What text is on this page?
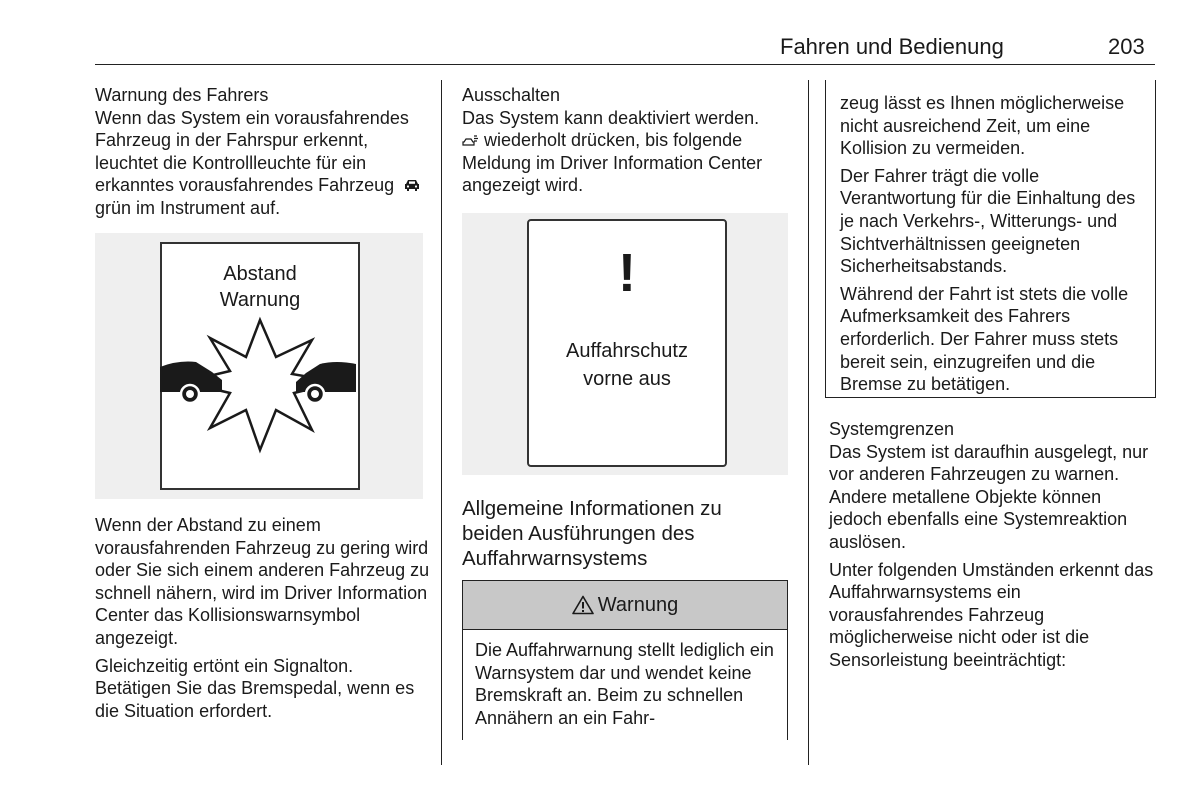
Fahren und Bedienung	203
Warnung des Fahrers

Wenn das System ein vorausfahrendes Fahrzeug in der Fahrspur erkennt, leuchtet die Kontrollleuchte für ein erkanntes vorausfahrendes Fahrzeug  grün im Instrument auf.

Abstand
Warnung

Wenn der Abstand zu einem vorausfahrenden Fahrzeug zu gering wird oder Sie sich einem anderen Fahrzeug zu schnell nähern, wird im Driver Information Center das Kollisionswarnsymbol angezeigt.

Gleichzeitig ertönt ein Signalton. Betätigen Sie das Bremspedal, wenn es die Situation erfordert.

Ausschalten

Das System kann deaktiviert werden.
wiederholt drücken, bis folgende Meldung im Driver Information Center angezeigt wird.

!
Auffahrschutz
vorne aus
Allgemeine Informationen zu beiden Ausführungen des Auffahrwarnsystems
Warnung
Die Auffahrwarnung stellt lediglich ein Warnsystem dar und wendet keine Bremskraft an. Beim zu schnellen Annähern an ein Fahr-

zeug lässt es Ihnen möglicherweise nicht ausreichend Zeit, um eine Kollision zu vermeiden.

Der Fahrer trägt die volle Verantwortung für die Einhaltung des je nach Verkehrs-, Witterungs- und Sichtverhältnissen geeigneten Sicherheitsabstands.

Während der Fahrt ist stets die volle Aufmerksamkeit des Fahrers erforderlich. Der Fahrer muss stets bereit sein, einzugreifen und die Bremse zu betätigen.

Systemgrenzen

Das System ist daraufhin ausgelegt, nur vor anderen Fahrzeugen zu warnen. Andere metallene Objekte können jedoch ebenfalls eine Systemreaktion auslösen.

Unter folgenden Umständen erkennt das Auffahrwarnsystems ein vorausfahrendes Fahrzeug möglicherweise nicht oder ist die Sensorleistung beeinträchtigt:
